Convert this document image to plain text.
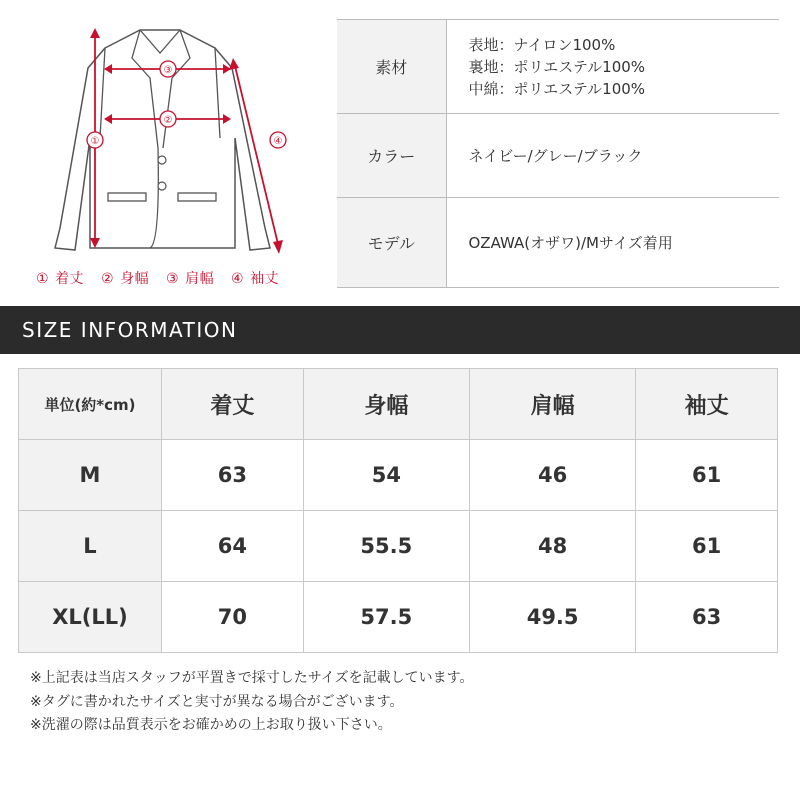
①
③
②
④
① 着丈 ② 身幅 ③ 肩幅 ④ 袖丈
素材	表地：ナイロン100%
裏地：ポリエステル100%
中綿：ポリエステル100%

カラー	ネイビー/グレー/ブラック

モデル	OZAWA(オザワ)/Mサイズ着用
SIZE INFORMATION
単位(約*cm)	着丈	身幅	肩幅	袖丈
M	63	54	46	61
L	64	55.5	48	61
XL(LL)	70	57.5	49.5	63
※上記表は当店スタッフが平置きで採寸したサイズを記載しています。
※タグに書かれたサイズと実寸が異なる場合がございます。
※洗濯の際は品質表示をお確かめの上お取り扱い下さい。
